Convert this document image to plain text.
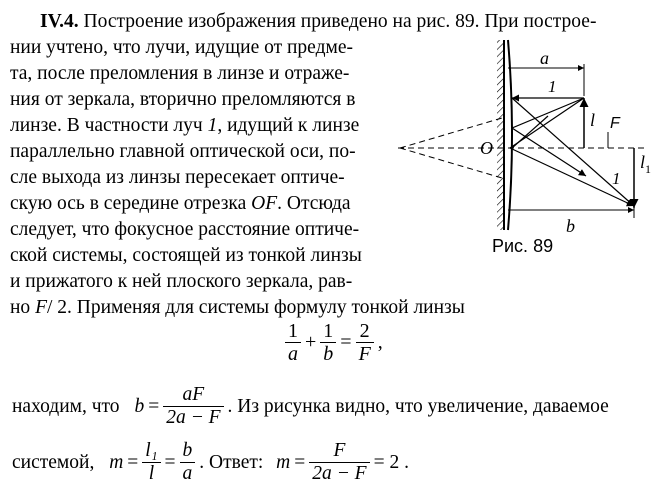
IV.4. Построение изображения приведено на рис. 89. При построе-
нии учтено, что лучи, идущие от предме-
та, после преломления в линзе и отраже-
ния от зеркала, вторично преломляются в
линзе. В частности луч 1, идущий к линзе
параллельно главной оптической оси, по-
сле выхода из линзы пересекает оптиче-
скую ось в середине отрезка OF. Отсюда
следует, что фокусное расстояние оптиче-
ской системы, состоящей из тонкой линзы
и прижатого к ней плоского зеркала, рав-
но F/ 2. Применяя для системы формулу тонкой линзы
$\frac{1}{a} + \frac{1}{b} = \frac{2}{F}$ ,
находим, что $b = \frac{aF}{2a - F}$ . Из рисунка видно, что увеличение, даваемое
системой, $m = \frac{\text{l₁}}{l} = \frac{b}{a}$ . Ответ: $m = \frac{F}{2a - F} = 2$ .
a
1
l F
O
$l_1$
1
b
Рис. 89
